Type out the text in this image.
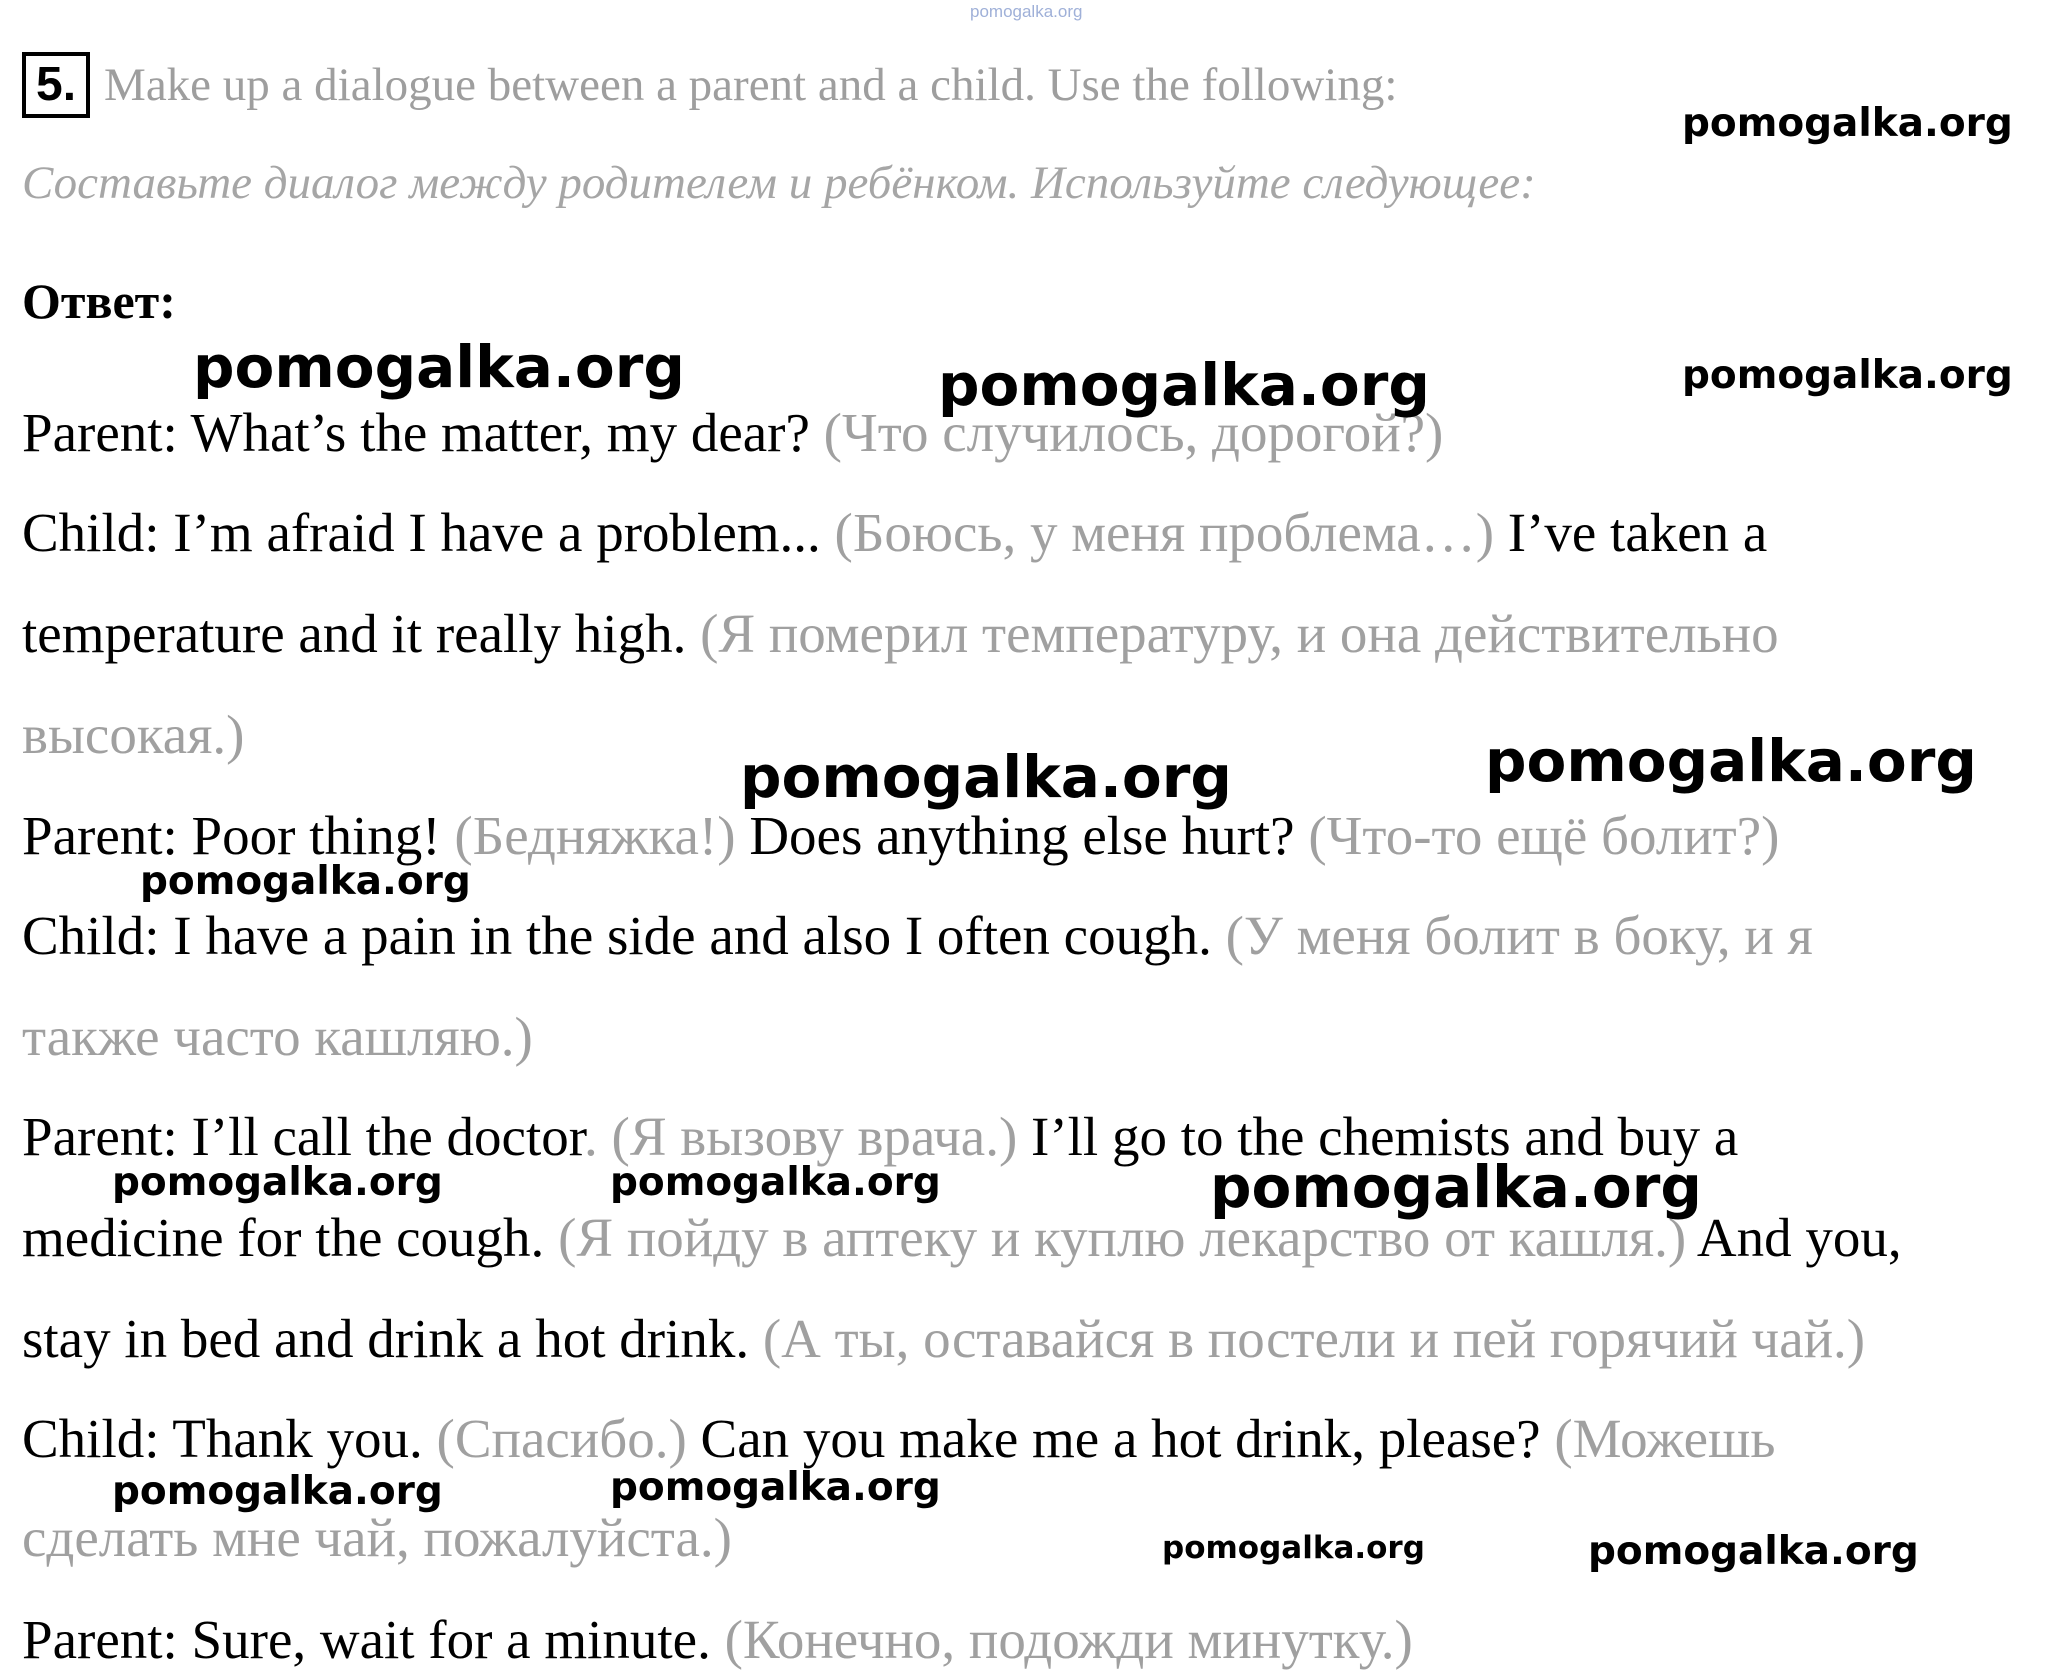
pomogalka.org
5. Make up a dialogue between a parent and a child. Use the following:
Составьте диалог между родителем и ребёнком. Используйте следующее:
Ответ:
Parent: What’s the matter, my dear? (Что случилось, дорогой?)
Child: I’m afraid I have a problem... (Боюсь, у меня проблема…) I’ve taken a
temperature and it really high. (Я померил температуру, и она действительно
высокая.)
Parent: Poor thing! (Бедняжка!) Does anything else hurt? (Что-то ещё болит?)
Child: I have a pain in the side and also I often cough. (У меня болит в боку, и я
также часто кашляю.)
Parent: I’ll call the doctor. (Я вызову врача.) I’ll go to the chemists and buy a
medicine for the cough. (Я пойду в аптеку и куплю лекарство от кашля.) And you,
stay in bed and drink a hot drink. (А ты, оставайся в постели и пей горячий чай.)
Child: Thank you. (Спасибо.) Can you make me a hot drink, please? (Можешь
сделать мне чай, пожалуйста.)
Parent: Sure, wait for a minute. (Конечно, подожди минутку.)
pomogalka.org
pomogalka.org	pomogalka.org	pomogalka.org
pomogalka.org	pomogalka.org
pomogalka.org
pomogalka.org	pomogalka.org	pomogalka.org
pomogalka.org	pomogalka.org
pomogalka.org	pomogalka.org
